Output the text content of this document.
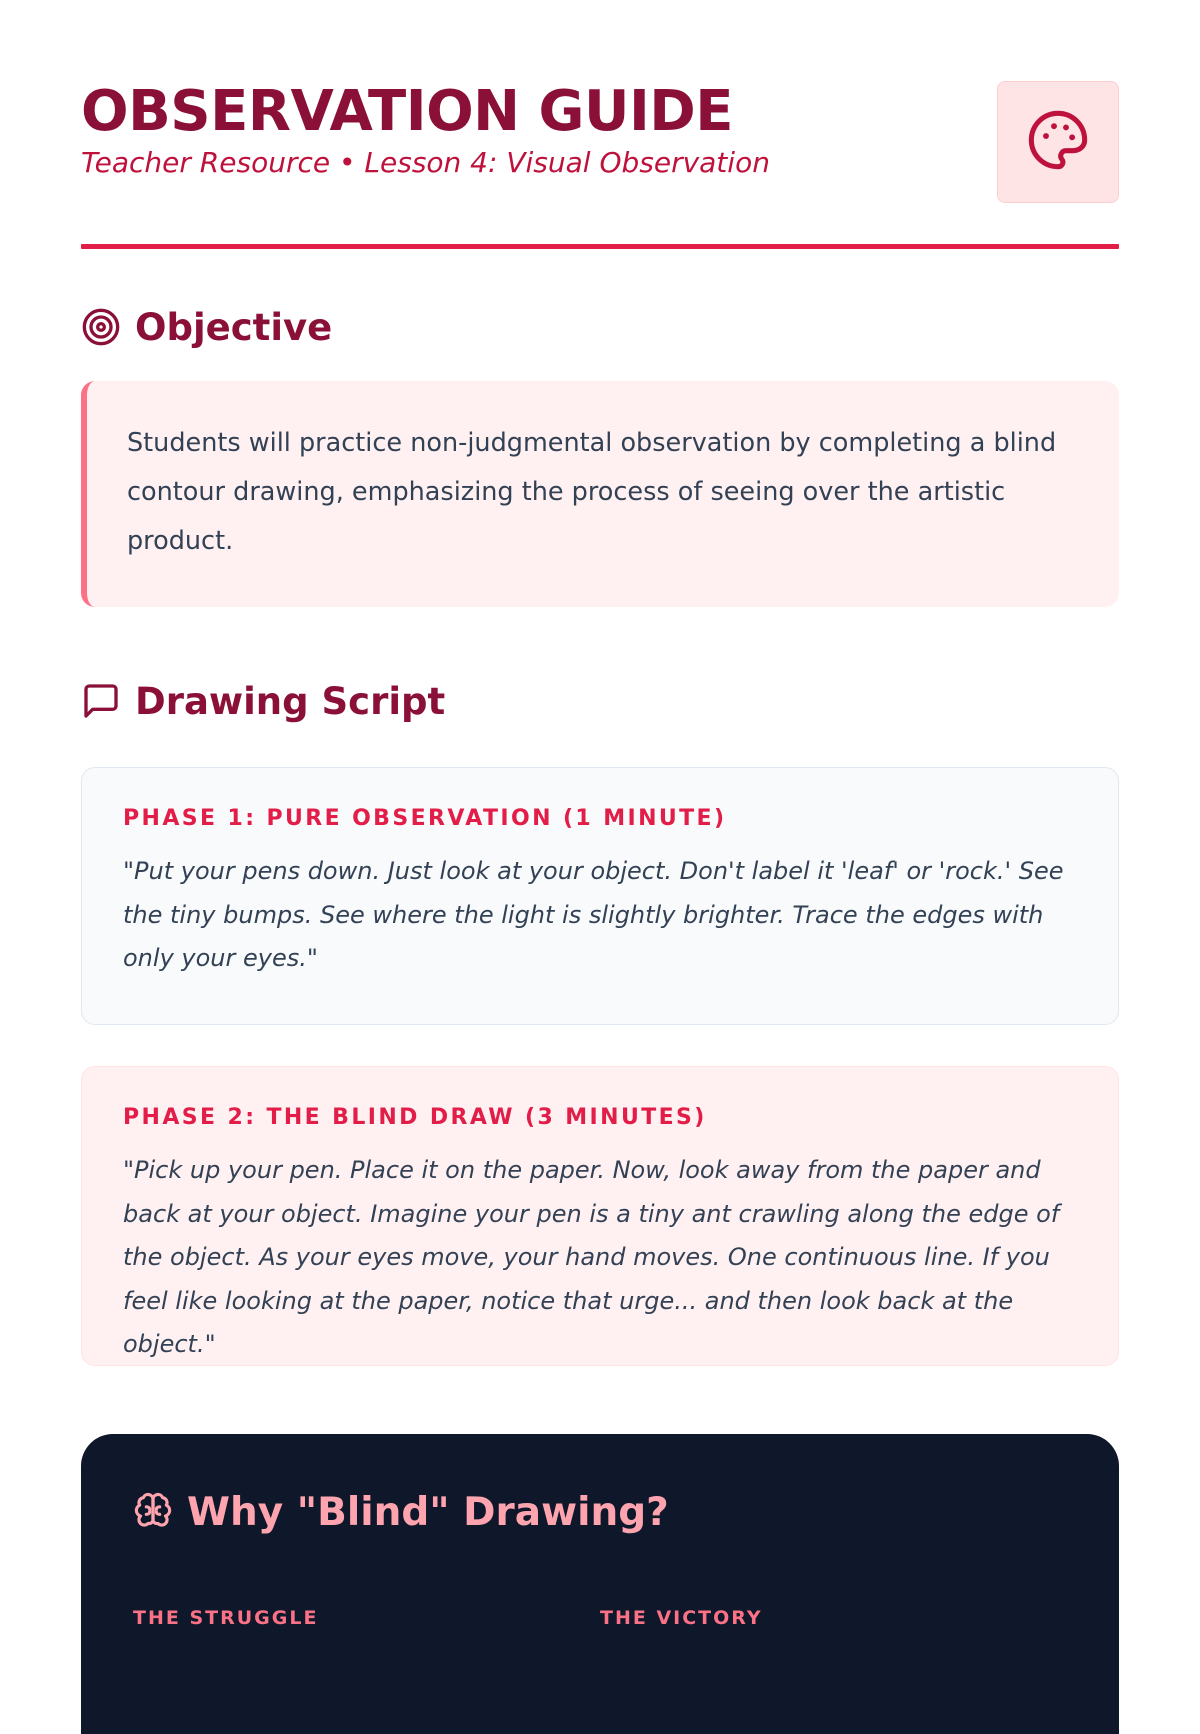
OBSERVATION GUIDE

Teacher Resource • Lesson 4: Visual Observation

Objective

Students will practice non-judgmental observation by completing a blind contour drawing, emphasizing the process of seeing over the artistic product.

Drawing Script

PHASE 1: PURE OBSERVATION (1 MINUTE)

"Put your pens down. Just look at your object. Don't label it 'leaf' or 'rock.' See the tiny bumps. See where the light is slightly brighter. Trace the edges with only your eyes."

PHASE 2: THE BLIND DRAW (3 MINUTES)

"Pick up your pen. Place it on the paper. Now, look away from the paper and back at your object. Imagine your pen is a tiny ant crawling along the edge of the object. As your eyes move, your hand moves. One continuous line. If you feel like looking at the paper, notice that urge... and then look back at the object."

Why "Blind" Drawing?
THE STRUGGLE	THE VICTORY
